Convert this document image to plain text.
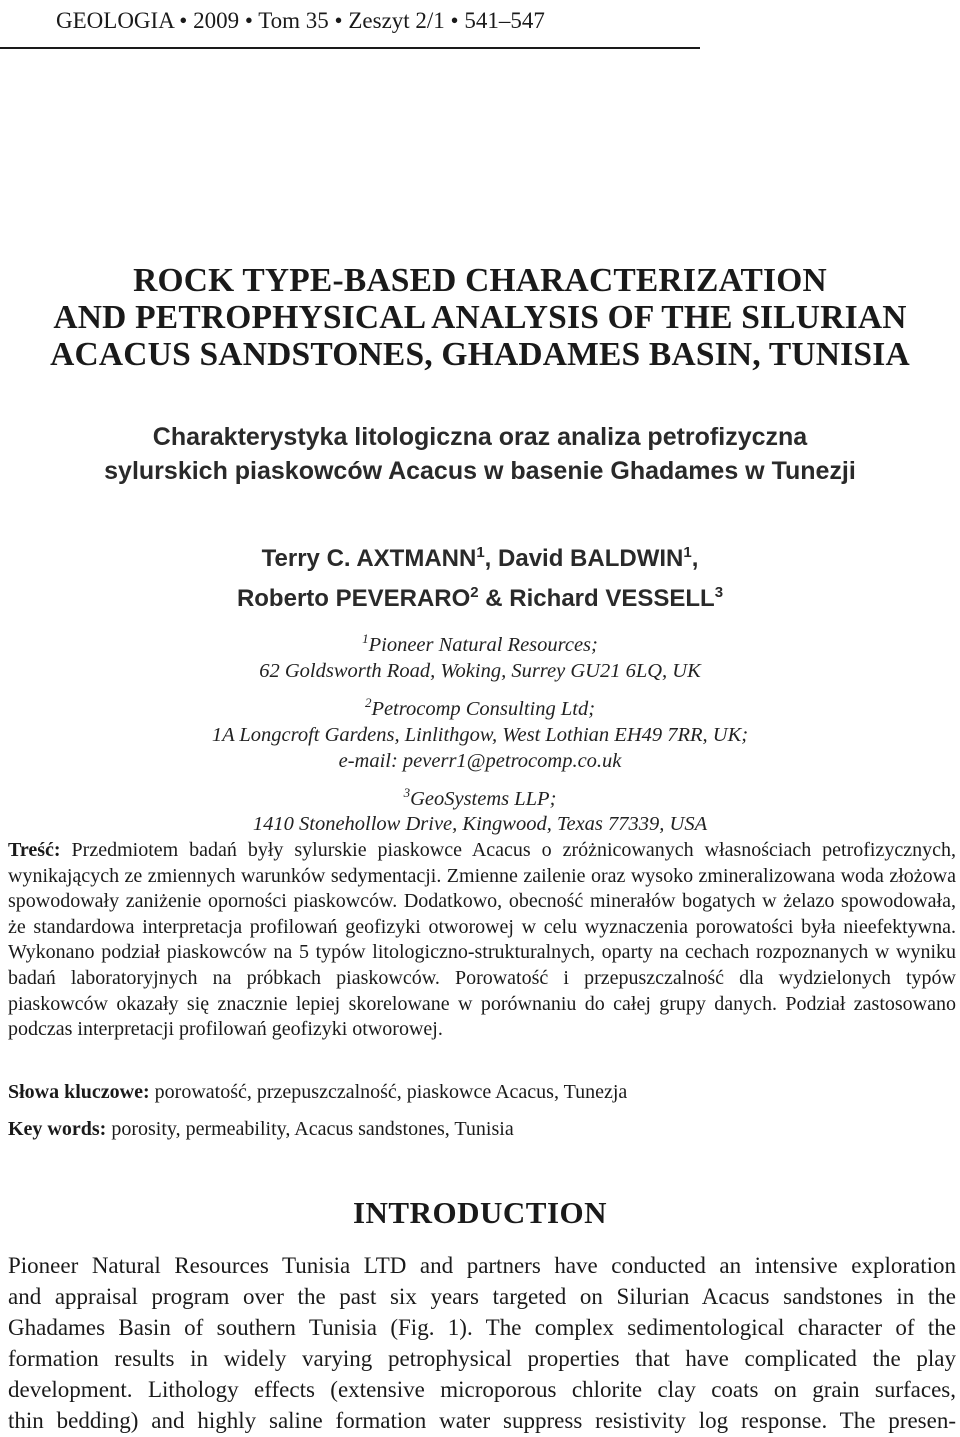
GEOLOGIA • 2009 • Tom 35 • Zeszyt 2/1 • 541–547
ROCK TYPE-BASED CHARACTERIZATION
AND PETROPHYSICAL ANALYSIS OF THE SILURIAN
ACACUS SANDSTONES, GHADAMES BASIN, TUNISIA
Charakterystyka litologiczna oraz analiza petrofizyczna
sylurskich piaskowców Acacus w basenie Ghadames w Tunezji
Terry C. AXTMANN$^1$, David BALDWIN$^1$,
Roberto PEVERARO$^2$ & Richard VESSELL$^3$
$^1$Pioneer Natural Resources;
62 Goldsworth Road, Woking, Surrey GU21 6LQ, UK
$^2$Petrocomp Consulting Ltd;
1A Longcroft Gardens, Linlithgow, West Lothian EH49 7RR, UK;
e-mail: peverr1@petrocomp.co.uk
$^3$GeoSystems LLP;
1410 Stonehollow Drive, Kingwood, Texas 77339, USA
Treść: Przedmiotem badań były sylurskie piaskowce Acacus o zróżnicowanych własnościach petrofizycznych, wynikających ze zmiennych warunków sedymentacji. Zmienne zailenie oraz wysoko zmineralizowana woda złożowa spowodowały zaniżenie oporności piaskowców. Dodatkowo, obecność minerałów bogatych w żelazo spowodowała, że standardowa interpretacja profilowań geofizyki otworowej w celu wyznaczenia porowatości była nieefektywna. Wykonano podział piaskowców na 5 typów litologiczno-strukturalnych, oparty na cechach rozpoznanych w wyniku badań laboratoryjnych na próbkach piaskowców. Porowatość i przepuszczalność dla wydzielonych typów piaskowców okazały się znacznie lepiej skorelowane w porównaniu do całej grupy danych. Podział zastosowano podczas interpretacji profilowań geofizyki otworowej.
Słowa kluczowe: porowatość, przepuszczalność, piaskowce Acacus, Tunezja
Key words: porosity, permeability, Acacus sandstones, Tunisia
INTRODUCTION
Pioneer Natural Resources Tunisia LTD and partners have conducted an intensive exploration
and appraisal program over the past six years targeted on Silurian Acacus sandstones in the
Ghadames Basin of southern Tunisia (Fig. 1). The complex sedimentological character of the
formation results in widely varying petrophysical properties that have complicated the play
development. Lithology effects (extensive microporous chlorite clay coats on grain surfaces,
thin bedding) and highly saline formation water suppress resistivity log response. The presen-
